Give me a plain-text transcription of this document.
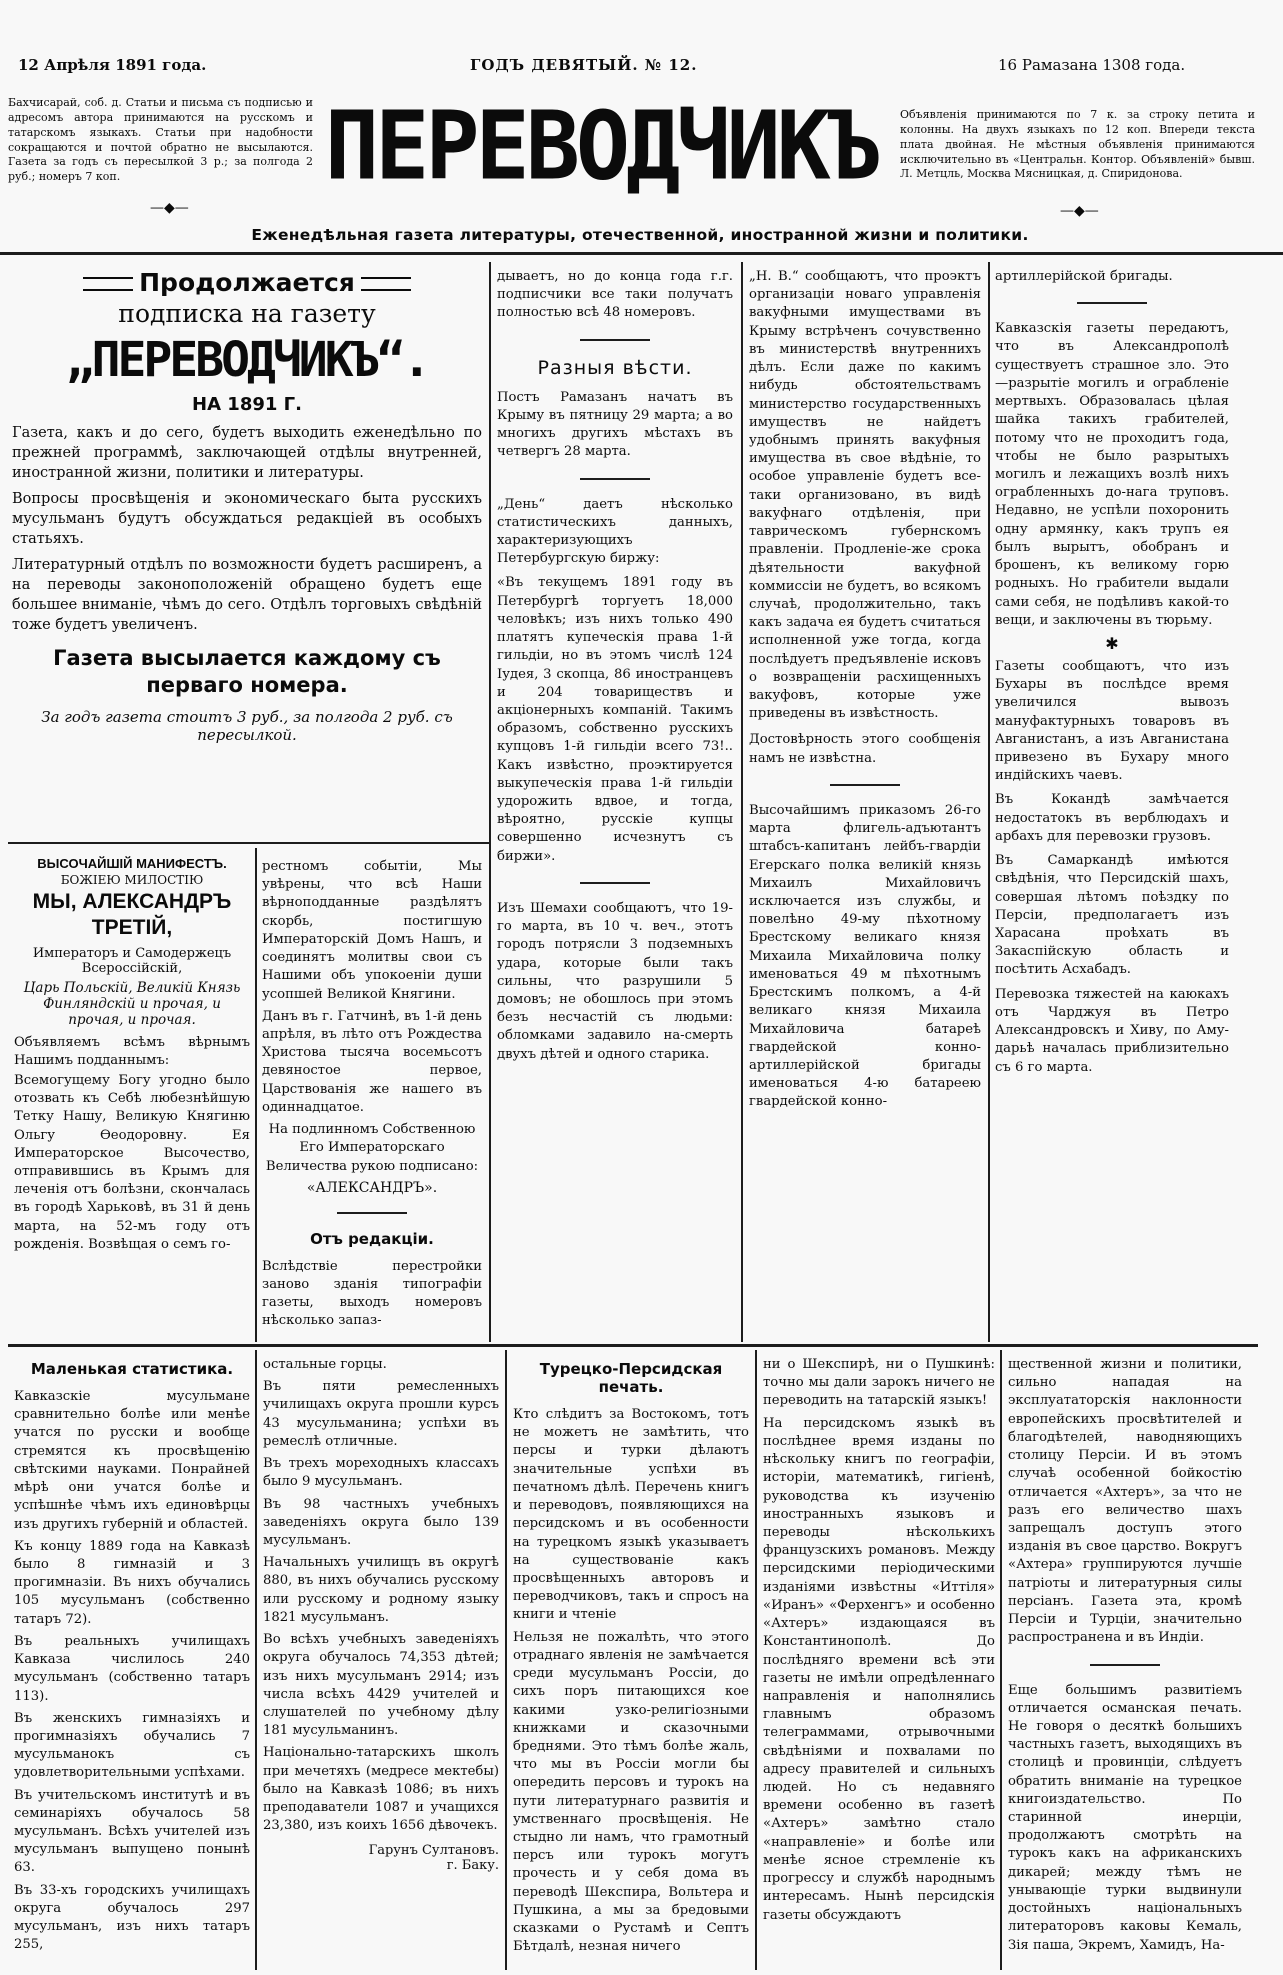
12 Апрѣля 1891 года.	ГОДЪ ДЕВЯТЫЙ. № 12.	16 Рамазана 1308 года.
Бахчисарай, соб. д. Статьи и письма съ подписью и адресомъ автора принимаются на русскомъ и татарскомъ языкахъ. Статьи при надобности сокращаются и почтой обратно не высылаются. Газета за годъ съ пересылкой 3 р.; за полгода 2 руб.; номеръ 7 коп.
—◆—
ПЕРЕВОДЧИКЪ Объявленія принимаются по 7 к. за строку петита и колонны. На двухъ языкахъ по 12 коп. Впереди текста плата двойная. Не мѣстныя объявленія принимаются исключительно въ «Центральн. Контор. Объявленій» бывш. Л. Метцль, Москва Мясницкая, д. Спиридонова.
—◆—
Еженедѣльная газета литературы, отечественной, иностранной жизни и политики.
Продолжается
подписка на газету
„ПЕРЕВОДЧИКЪ“.
НА 1891 Г.
Газета, какъ и до сего, будетъ выходить еженедѣльно по прежней программѣ, заключающей отдѣлы внутренней, иностранной жизни, политики и литературы.
Вопросы просвѣщенія и экономическаго быта русскихъ мусульманъ будутъ обсуждаться редакціей въ особыхъ статьяхъ.
Литературный отдѣлъ по возможности будетъ расширенъ, а на переводы законоположеній обращено будетъ еще большее вниманіе, чѣмъ до сего. Отдѣлъ торговыхъ свѣдѣній тоже будетъ увеличенъ.
Газета высылается каждому съ перваго номера.
За годъ газета стоитъ 3 руб., за полгода 2 руб. съ пересылкой.
ВЫСОЧАЙШІЙ МАНИФЕСТЪ.
БОЖІЕЮ МИЛОСТІЮ
МЫ, АЛЕКСАНДРЪ ТРЕТІЙ,
Императоръ и Самодержецъ Всероссійскій,
Царь Польскій, Великій Князь Финляндскій и прочая, и прочая, и прочая.
Объявляемъ всѣмъ вѣрнымъ Нашимъ подданнымъ:
Всемогущему Богу угодно было отозвать къ Себѣ любезнѣйшую Тетку Нашу, Великую Княгиню Ольгу Ѳеодоровну. Ея Императорское Высочество, отправившись въ Крымъ для леченія отъ болѣзни, скончалась въ городѣ Харьковѣ, въ 31 й день марта, на 52-мъ году отъ рожденія. Возвѣщая о семъ го-
рестномъ событіи, Мы увѣрены, что всѣ Наши вѣрноподданные раздѣлятъ скорбь, постигшую Императорскій Домъ Нашъ, и соединятъ молитвы свои съ Нашими объ упокоеніи души усопшей Великой Княгини.
Данъ въ г. Гатчинѣ, въ 1-й день апрѣля, въ лѣто отъ Рождества Христова тысяча восемьсотъ девяностое первое, Царствованія же нашего въ одиннадцатое.
На подлинномъ Собственною Его Императорскаго Величества рукою подписано:
«АЛЕКСАНДРЪ».
Отъ редакціи.
Вслѣдствіе перестройки заново зданія типографіи газеты, выходъ номеровъ нѣсколько запаз-
дываетъ, но до конца года г.г. подписчики все таки получатъ полностью всѣ 48 номеровъ.
Разныя вѣсти.
Постъ Рамазанъ начатъ въ Крыму въ пятницу 29 марта; а во многихъ другихъ мѣстахъ въ четвергъ 28 марта.
„День“ даетъ нѣсколько статистическихъ данныхъ, характеризующихъ Петербургскую биржу:
«Въ текущемъ 1891 году въ Петербургѣ торгуетъ 18,000 человѣкъ; изъ нихъ только 490 платятъ купеческія права 1-й гильдіи, но въ этомъ числѣ 124 Іудея, 3 скопца, 86 иностранцевъ и 204 товариществъ и акціонерныхъ компаній. Такимъ образомъ, собственно русскихъ купцовъ 1-й гильдіи всего 73!.. Какъ извѣстно, проэктируется выкупеческія права 1-й гильдіи удорожить вдвое, и тогда, вѣроятно, русскіе купцы совершенно исчезнутъ съ биржи».
Изъ Шемахи сообщаютъ, что 19-го марта, въ 10 ч. веч., этотъ городъ потрясли 3 подземныхъ удара, которые были такъ сильны, что разрушили 5 домовъ; не обошлось при этомъ безъ несчастій съ людьми: обломками задавило на-смерть двухъ дѣтей и одного старика.
„Н. В.“ сообщаютъ, что проэктъ организаціи новаго управленія вакуфными имуществами въ Крыму встрѣченъ сочувственно въ министерствѣ внутреннихъ дѣлъ. Если даже по какимъ нибудь обстоятельствамъ министерство государственныхъ имуществъ не найдетъ удобнымъ принять вакуфныя имущества въ свое вѣдѣніе, то особое управленіе будетъ все-таки организовано, въ видѣ вакуфнаго отдѣленія, при таврическомъ губернскомъ правленіи. Продленіе-же срока дѣятельности вакуфной коммиссіи не будетъ, во всякомъ случаѣ, продолжительно, такъ какъ задача ея будетъ считаться исполненной уже тогда, когда послѣдуетъ предъявленіе исковъ о возвращеніи расхищенныхъ вакуфовъ, которые уже приведены въ извѣстность.
Достовѣрность этого сообщенія намъ не извѣстна.
Высочайшимъ приказомъ 26-го марта флигель-адъютантъ штабсъ-капитанъ лейбъ-гвардіи Егерскаго полка великій князь Михаилъ Михайловичъ исключается изъ службы, и повелѣно 49-му пѣхотному Брестскому великаго князя Михаила Михайловича полку именоваться 49 м пѣхотнымъ Брестскимъ полкомъ, а 4-й великаго князя Михаила Михайловича батареѣ гвардейской конно-артиллерійской бригады именоваться 4-ю батареею гвардейской конно-
артиллерійской бригады.
Кавказскія газеты передаютъ, что въ Александрополѣ существуетъ страшное зло. Это —разрытіе могилъ и ограбленіе мертвыхъ. Образовалась цѣлая шайка такихъ грабителей, потому что не проходитъ года, чтобы не было разрытыхъ могилъ и лежащихъ возлѣ нихъ ограбленныхъ до-нага труповъ. Недавно, не успѣли похоронить одну армянку, какъ трупъ ея былъ вырытъ, обобранъ и брошенъ, къ великому горю родныхъ. Но грабители выдали сами себя, не подѣливъ какой-то вещи, и заключены въ тюрьму.
✱
Газеты сообщаютъ, что изъ Бухары въ послѣдсе время увеличился вывозъ мануфактурныхъ товаровъ въ Авганистанъ, а изъ Авганистана привезено въ Бухару много индійскихъ чаевъ.
Въ Кокандѣ замѣчается недостатокъ въ верблюдахъ и арбахъ для перевозки грузовъ.
Въ Самаркандѣ имѣются свѣдѣнія, что Персидскій шахъ, совершая лѣтомъ поѣздку по Персіи, предполагаетъ изъ Харасана проѣхать въ Закаспійскую область и посѣтить Асхабадъ.
Перевозка тяжестей на каюкахъ отъ Чарджуя въ Петро Александровскъ и Хиву, по Аму-дарьѣ началась приблизительно съ 6 го марта.
Маленькая статистика.
Кавказскіе мусульмане сравнительно болѣе или менѣе учатся по русски и вообще стремятся къ просвѣщенію свѣтскими науками. Понрайней мѣрѣ они учатся болѣе и успѣшнѣе чѣмъ ихъ единовѣрцы изъ другихъ губерній и областей.
Къ концу 1889 года на Кавказѣ было 8 гимназій и 3 прогимназіи. Въ нихъ обучались 105 мусульманъ (собственно татаръ 72).
Въ реальныхъ училищахъ Кавказа числилось 240 мусульманъ (собственно татаръ 113).
Въ женскихъ гимназіяхъ и прогимназіяхъ обучались 7 мусульманокъ съ удовлетворительными успѣхами.
Въ учительскомъ институтѣ и въ семинаріяхъ обучалось 58 мусульманъ. Всѣхъ учителей изъ мусульманъ выпущено понынѣ 63.
Въ 33-хъ городскихъ училищахъ округа обучалось 297 мусульманъ, изъ нихъ татаръ 255,
остальные горцы.
Въ пяти ремесленныхъ училищахъ округа прошли курсъ 43 мусульманина; успѣхи въ ремеслѣ отличные.
Въ трехъ мореходныхъ классахъ было 9 мусульманъ.
Въ 98 частныхъ учебныхъ заведеніяхъ округа было 139 мусульманъ.
Начальныхъ училищъ въ округѣ 880, въ нихъ обучались русскому или русскому и родному языку 1821 мусульманъ.
Во всѣхъ учебныхъ заведеніяхъ округа обучалось 74,353 дѣтей; изъ нихъ мусульманъ 2914; изъ числа всѣхъ 4429 учителей и слушателей по учебному дѣлу 181 мусульманинъ.
Національно-татарскихъ школъ при мечетяхъ (медресе мектебы) было на Кавказѣ 1086; въ нихъ преподаватели 1087 и учащихся 23,380, изъ коихъ 1656 дѣвочекъ.
Гарунъ Султановъ.
г. Баку.
Турецко-Персидская печать.
Кто слѣдитъ за Востокомъ, тотъ не можетъ не замѣтить, что персы и турки дѣлаютъ значительные успѣхи въ печатномъ дѣлѣ. Перечень книгъ и переводовъ, появляющихся на персидскомъ и въ особенности на турецкомъ языкѣ указываетъ на существованіе какъ просвѣщенныхъ авторовъ и переводчиковъ, такъ и спросъ на книги и чтеніе
Нельзя не пожалѣть, что этого отраднаго явленія не замѣчается среди мусульманъ Россіи, до сихъ поръ питающихся кое какими узко-религіозными книжками и сказочными бреднями. Это тѣмъ болѣе жаль, что мы въ Россіи могли бы опередить персовъ и турокъ на пути литературнаго развитія и умственнаго просвѣщенія. Не стыдно ли намъ, что грамотный персъ или турокъ могутъ прочесть и у себя дома въ переводѣ Шекспира, Вольтера и Пушкина, а мы за бредовыми сказками о Рустамѣ и Септъ Бѣтдалѣ, незная ничего
ни о Шекспирѣ, ни о Пушкинѣ: точно мы дали зарокъ ничего не переводить на татарскій языкъ!
На персидскомъ языкѣ въ послѣднее время изданы по нѣскольку книгъ по географіи, исторіи, математикѣ, гигіенѣ, руководства къ изученію иностранныхъ языковъ и переводы нѣсколькихъ французскихъ романовъ. Между персидскими періодическими изданіями извѣстны «Иттіля» «Иранъ» «Ферхенгъ» и особенно «Ахтеръ» издающаяся въ Константинополѣ. До послѣдняго времени всѣ эти газеты не имѣли опредѣленнаго направленія и наполнялись главнымъ образомъ телеграммами, отрывочными свѣдѣніями и похвалами по адресу правителей и сильныхъ людей. Но съ недавняго времени особенно въ газетѣ «Ахтеръ» замѣтно стало «направленіе» и болѣе или менѣе ясное стремленіе къ прогрессу и службѣ народнымъ интересамъ. Нынѣ персидскія газеты обсуждаютъ
щественной жизни и политики, сильно нападая на эксплуататорскія наклонности европейскихъ просвѣтителей и благодѣтелей, наводняющихъ столицу Персіи. И въ этомъ случаѣ особенной бойкостію отличается «Ахтеръ», за что не разъ его величество шахъ запрещалъ доступъ этого изданія въ свое царство. Вокругъ «Ахтера» группируются лучшіе патріоты и литературныя силы персіанъ. Газета эта, кромѣ Персіи и Турціи, значительно распространена и въ Индіи.
Еще большимъ развитіемъ отличается османская печать. Не говоря о десяткѣ большихъ частныхъ газетъ, выходящихъ въ столицѣ и провинціи, слѣдуетъ обратить вниманіе на турецкое книгоиздательство. По старинной инерціи, продолжаютъ смотрѣть на турокъ какъ на африканскихъ дикарей; между тѣмъ не унывающіе турки выдвинули достойныхъ національныхъ литераторовъ каковы Кемаль, Зія паша, Экремъ, Хамидъ, На-
